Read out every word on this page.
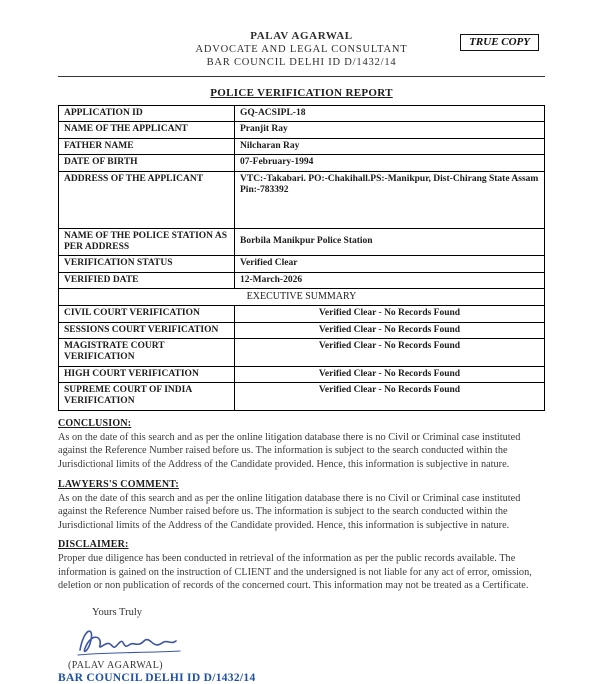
TRUE COPY
PALAV AGARWAL
ADVOCATE AND LEGAL CONSULTANT
BAR COUNCIL DELHI ID D/1432/14
POLICE VERIFICATION REPORT
APPLICATION ID	GQ-ACSIPL-18
NAME OF THE APPLICANT	Pranjit Ray
FATHER NAME	Nilcharan Ray
DATE OF BIRTH	07-February-1994
ADDRESS OF THE APPLICANT	VTC:-Takabari. PO:-Chakihall.PS:-Manikpur, Dist-Chirang State Assam Pin:-783392
NAME OF THE POLICE STATION AS PER ADDRESS	Borbila Manikpur Police Station
VERIFICATION STATUS	Verified Clear
VERIFIED DATE	12-March-2026
EXECUTIVE SUMMARY	
CIVIL COURT VERIFICATION	Verified Clear - No Records Found
SESSIONS COURT VERIFICATION	Verified Clear - No Records Found
MAGISTRATE COURT VERIFICATION	Verified Clear - No Records Found
HIGH COURT VERIFICATION	Verified Clear - No Records Found
SUPREME COURT OF INDIA VERIFICATION	Verified Clear - No Records Found
CONCLUSION:
As on the date of this search and as per the online litigation database there is no Civil or Criminal case instituted against the Reference Number raised before us. The information is subject to the search conducted within the Jurisdictional limits of the Address of the Candidate provided. Hence, this information is subjective in nature.
LAWYERS'S COMMENT:
As on the date of this search and as per the online litigation database there is no Civil or Criminal case instituted against the Reference Number raised before us. The information is subject to the search conducted within the Jurisdictional limits of the Address of the Candidate provided. Hence, this information is subjective in nature.
DISCLAIMER:
Proper due diligence has been conducted in retrieval of the information as per the public records available. The information is gained on the instruction of CLIENT and the undersigned is not liable for any act of error, omission, deletion or non publication of records of the concerned court. This information may not be treated as a Certificate.
Yours Truly
(PALAV AGARWAL)
BAR COUNCIL DELHI ID D/1432/14
